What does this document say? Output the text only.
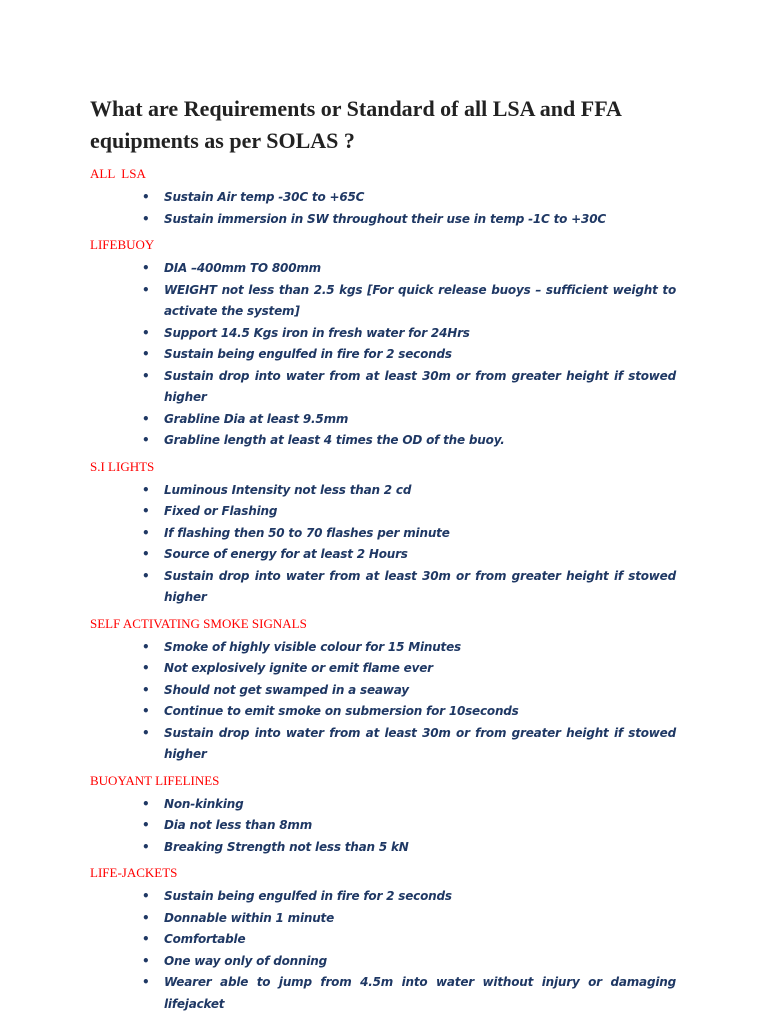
What are Requirements or Standard of all LSA and FFA equipments as per SOLAS ?
ALL  LSA
• Sustain Air temp -30C to +65C
• Sustain immersion in SW throughout their use in temp -1C to +30C
LIFEBUOY
• DIA –400mm TO 800mm
• WEIGHT not less than 2.5 kgs [For quick release buoys – sufficient weight to activate the system]
• Support 14.5 Kgs iron in fresh water for 24Hrs
• Sustain being engulfed in fire for 2 seconds
• Sustain drop into water from at least 30m or from greater height if stowed higher
• Grabline Dia at least 9.5mm
• Grabline length at least 4 times the OD of the buoy.
S.I LIGHTS
• Luminous Intensity not less than 2 cd
• Fixed or Flashing
• If flashing then 50 to 70 flashes per minute
• Source of energy for at least 2 Hours
• Sustain drop into water from at least 30m or from greater height if stowed higher
SELF ACTIVATING SMOKE SIGNALS
• Smoke of highly visible colour for 15 Minutes
• Not explosively ignite or emit flame ever
• Should not get swamped in a seaway
• Continue to emit smoke on submersion for 10seconds
• Sustain drop into water from at least 30m or from greater height if stowed higher
BUOYANT LIFELINES
• Non-kinking
• Dia not less than 8mm
• Breaking Strength not less than 5 kN
LIFE-JACKETS
• Sustain being engulfed in fire for 2 seconds
• Donnable within 1 minute
• Comfortable
• One way only of donning
• Wearer able to jump from 4.5m into water without injury or damaging lifejacket
